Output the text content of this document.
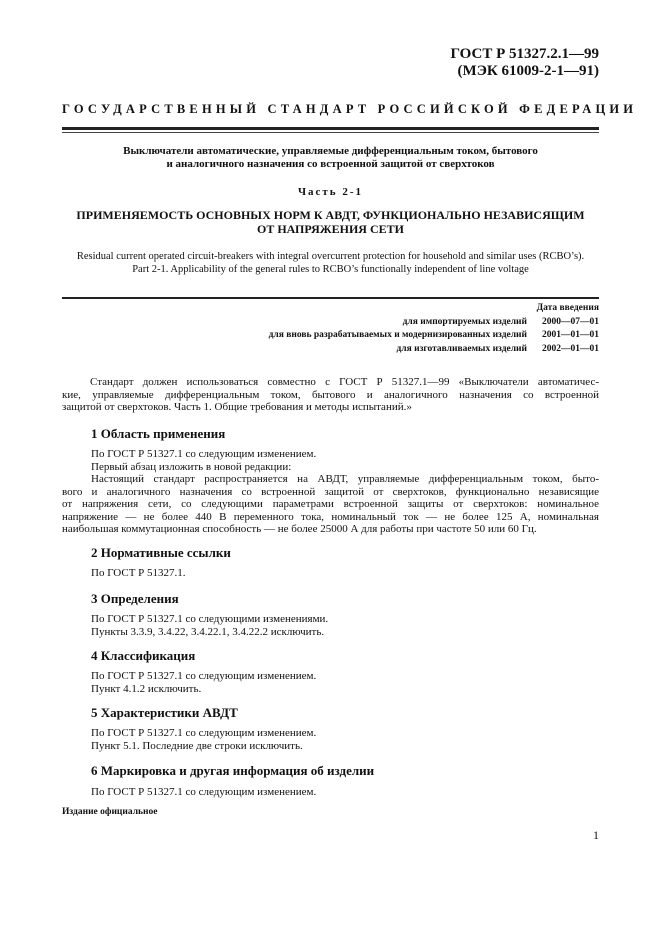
ГОСТ Р 51327.2.1—99
(МЭК 61009-2-1—91)
ГОСУДАРСТВЕННЫЙ СТАНДАРТ РОССИЙСКОЙ ФЕДЕРАЦИИ
Выключатели автоматические, управляемые дифференциальным током, бытового
и аналогичного назначения со встроенной защитой от сверхтоков
Часть 2-1
ПРИМЕНЯЕМОСТЬ ОСНОВНЫХ НОРМ К АВДТ, ФУНКЦИОНАЛЬНО НЕЗАВИСЯЩИМ
ОТ НАПРЯЖЕНИЯ СЕТИ
Residual current operated circuit-breakers with integral overcurrent protection for household and similar uses (RCBO’s).
Part 2-1. Applicability of the general rules to RCBO’s functionally independent of line voltage
Дата введения
для импортируемых изделий	2000—07—01
для вновь разрабатываемых и модернизированных изделий	2001—01—01
для изготавливаемых изделий	2002—01—01
Стандарт должен использоваться совместно с ГОСТ Р 51327.1—99 «Выключатели автоматичес-
кие, управляемые дифференциальным током, бытового и аналогичного назначения со встроенной
защитой от сверхтоков. Часть 1. Общие требования и методы испытаний.»
1 Область применения
По ГОСТ Р 51327.1 со следующим изменением.
Первый абзац изложить в новой редакции:
Настоящий стандарт распространяется на АВДТ, управляемые дифференциальным током, быто-
вого и аналогичного назначения со встроенной защитой от сверхтоков, функционально независящие
от напряжения сети, со следующими параметрами встроенной защиты от сверхтоков: номинальное
напряжение — не более 440 В переменного тока, номинальный ток — не более 125 А, номинальная
наибольшая коммутационная способность — не более 25000 А для работы при частоте 50 или 60 Гц.
2 Нормативные ссылки
По ГОСТ Р 51327.1.
3 Определения
По ГОСТ Р 51327.1 со следующими изменениями.
Пункты 3.3.9, 3.4.22, 3.4.22.1, 3.4.22.2 исключить.
4 Классификация
По ГОСТ Р 51327.1 со следующим изменением.
Пункт 4.1.2 исключить.
5 Характеристики АВДТ
По ГОСТ Р 51327.1 со следующим изменением.
Пункт 5.1. Последние две строки исключить.
6 Маркировка и другая информация об изделии
По ГОСТ Р 51327.1 со следующим изменением.
Издание официальное
1
